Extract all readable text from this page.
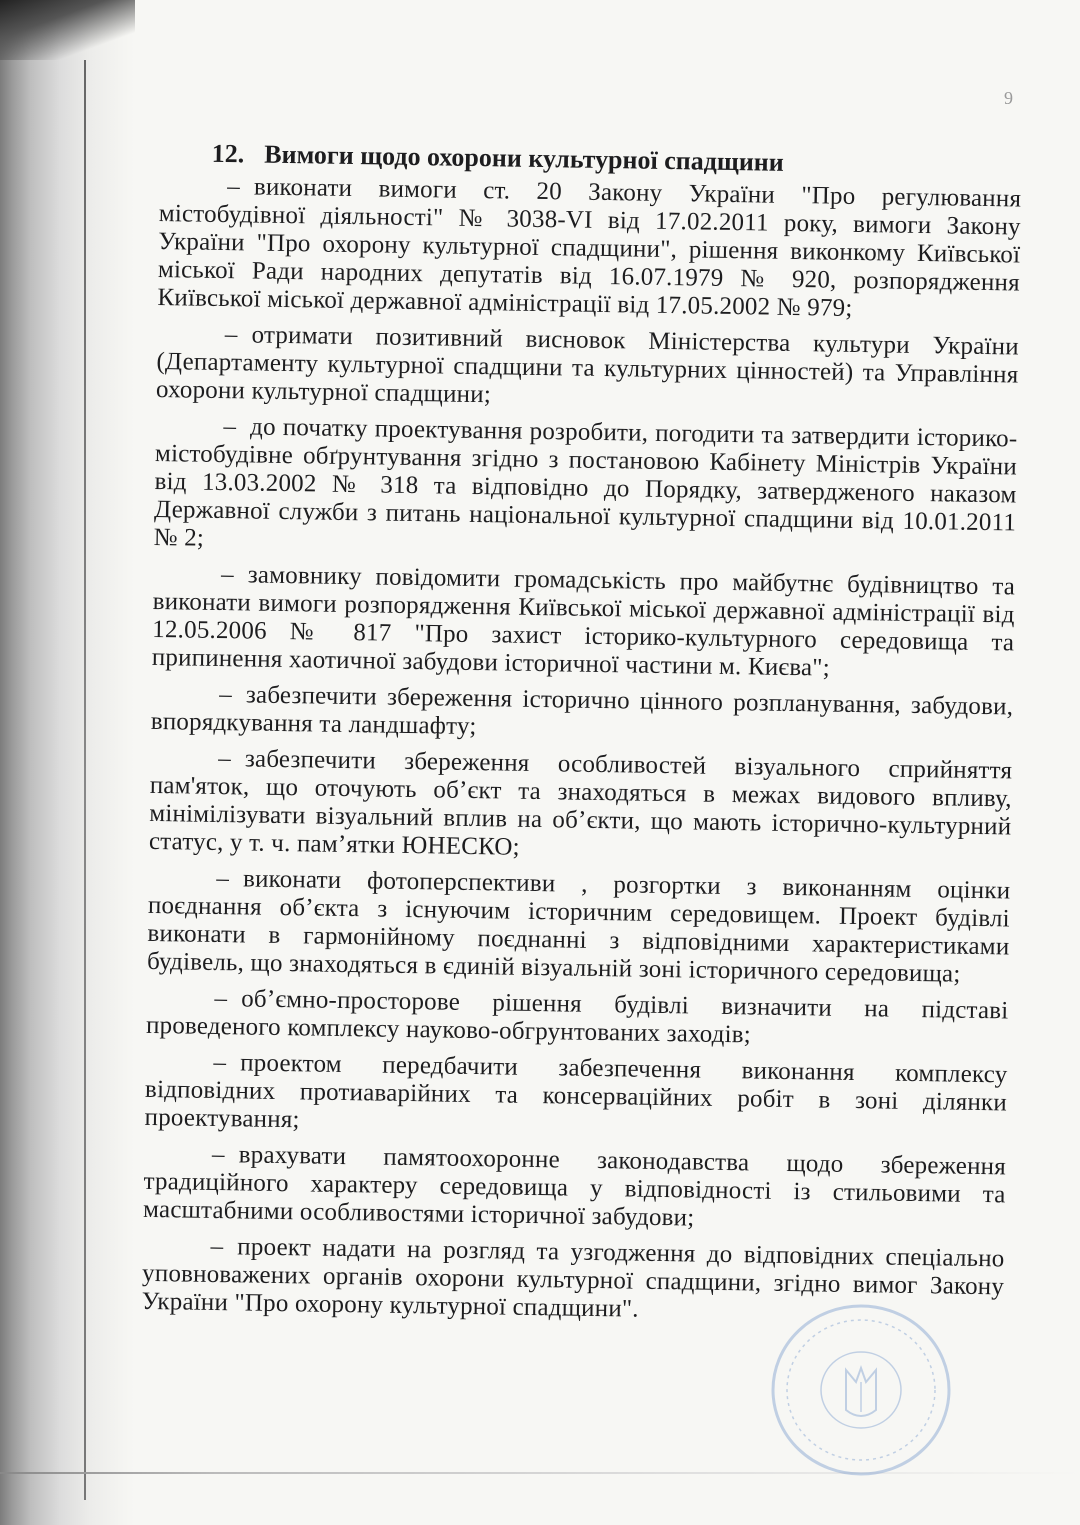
9
12. Вимоги щодо охорони культурної спадщини

– виконати вимоги ст. 20 Закону України "Про регулювання містобудівної діяльності" № 3038-VI від 17.02.2011 року, вимоги Закону України "Про охорону культурної спадщини", рішення виконкому Київської міської Ради народних депутатів від 16.07.1979 № 920, розпорядження Київської міської державної адміністрації від 17.05.2002 № 979;

– отримати позитивний висновок Міністерства культури України (Департаменту культурної спадщини та культурних цінностей) та Управління охорони культурної спадщини;

– до початку проектування розробити, погодити та затвердити історико-містобудівне обґрунтування згідно з постановою Кабінету Міністрів України від 13.03.2002 № 318 та відповідно до Порядку, затвердженого наказом Державної служби з питань національної культурної спадщини від 10.01.2011 № 2;

– замовнику повідомити громадськість про майбутнє будівництво та виконати вимоги розпорядження Київської міської державної адміністрації від 12.05.2006 № 817 "Про захист історико-культурного середовища та припинення хаотичної забудови історичної частини м. Києва";

– забезпечити збереження історично цінного розпланування, забудови, впорядкування та ландшафту;

– забезпечити збереження особливостей візуального сприйняття пам'яток, що оточують об’єкт та знаходяться в межах видового впливу, мінімілізувати візуальний вплив на об’єкти, що мають історично-культурний статус, у т. ч. пам’ятки ЮНЕСКО;

– виконати фотоперспективи , розгортки з виконанням оцінки поєднання об’єкта з існуючим історичним середовищем. Проект будівлі виконати в гармонійному поєднанні з відповідними характеристиками будівель, що знаходяться в єдиній візуальній зоні історичного середовища;

– об’ємно-просторове рішення будівлі визначити на підставі проведеного комплексу науково-обгрунтованих заходів;

– проектом передбачити забезпечення виконання комплексу відповідних протиаварійних та консерваційних робіт в зоні ділянки проектування;

– врахувати памятоохоронне законодавства щодо збереження традиційного характеру середовища у відповідності із стильовими та масштабними особливостями історичної забудови;

– проект надати на розгляд та узгодження до відповідних спеціально уповноважених органів охорони культурної спадщини, згідно вимог Закону України "Про охорону культурної спадщини".
